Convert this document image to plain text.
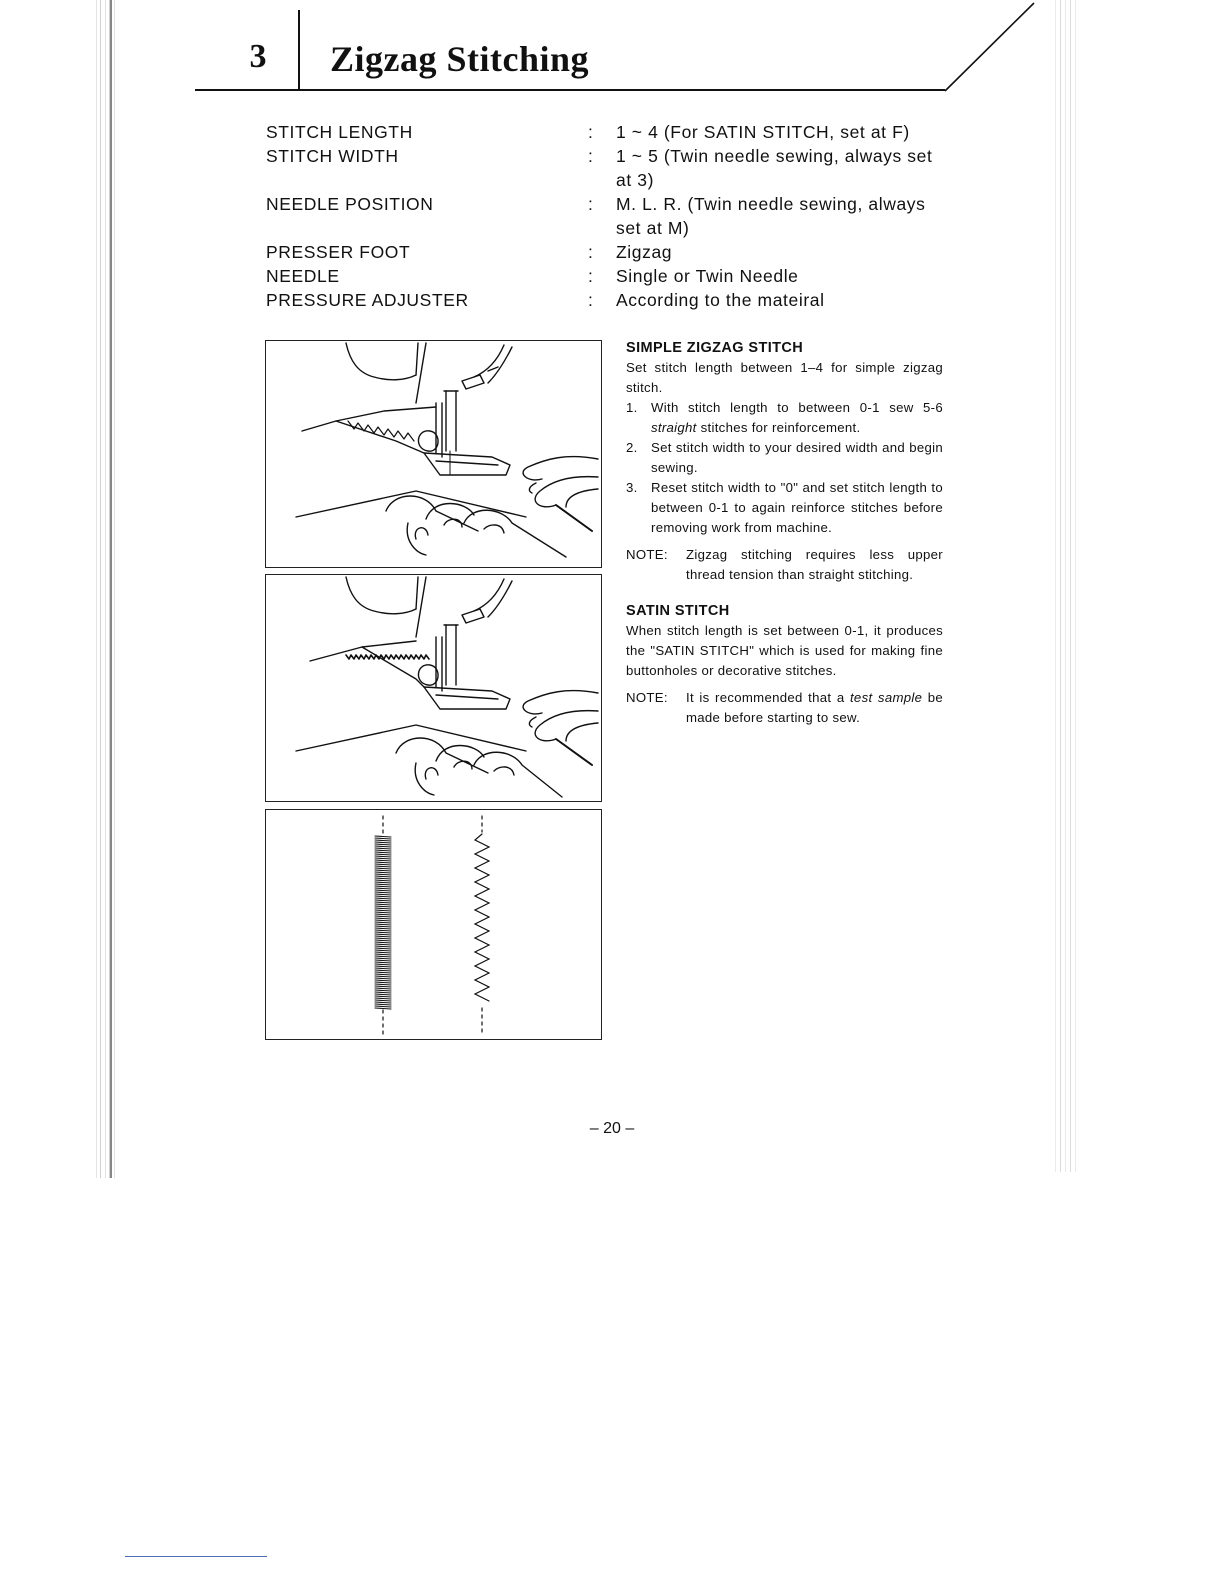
3	Zigzag Stitching
STITCH LENGTH	:	1 ~ 4 (For SATIN STITCH, set at F)
STITCH WIDTH	:	1 ~ 5 (Twin needle sewing, always set
at 3)
NEEDLE POSITION	:	M. L. R. (Twin needle sewing, always
set at M)
PRESSER FOOT	:	Zigzag
NEEDLE	:	Single or Twin Needle
PRESSURE ADJUSTER	:	According to the mateiral

SIMPLE ZIGZAG STITCH

Set stitch length between 1–4 for simple zigzag stitch.

1.	With stitch length to between 0-1 sew 5-6 straight stitches for reinforcement.
2.	Set stitch width to your desired width and begin sewing.
3.	Reset stitch width to "0" and set stitch length to between 0-1 to again reinforce stitches before removing work from machine.
NOTE:	Zigzag stitching requires less upper thread tension than straight stitching.

SATIN STITCH

When stitch length is set between 0-1, it produces the "SATIN STITCH" which is used for making fine buttonholes or decorative stitches.

NOTE:	It is recommended that a test sample be made before starting to sew.
– 20 –
